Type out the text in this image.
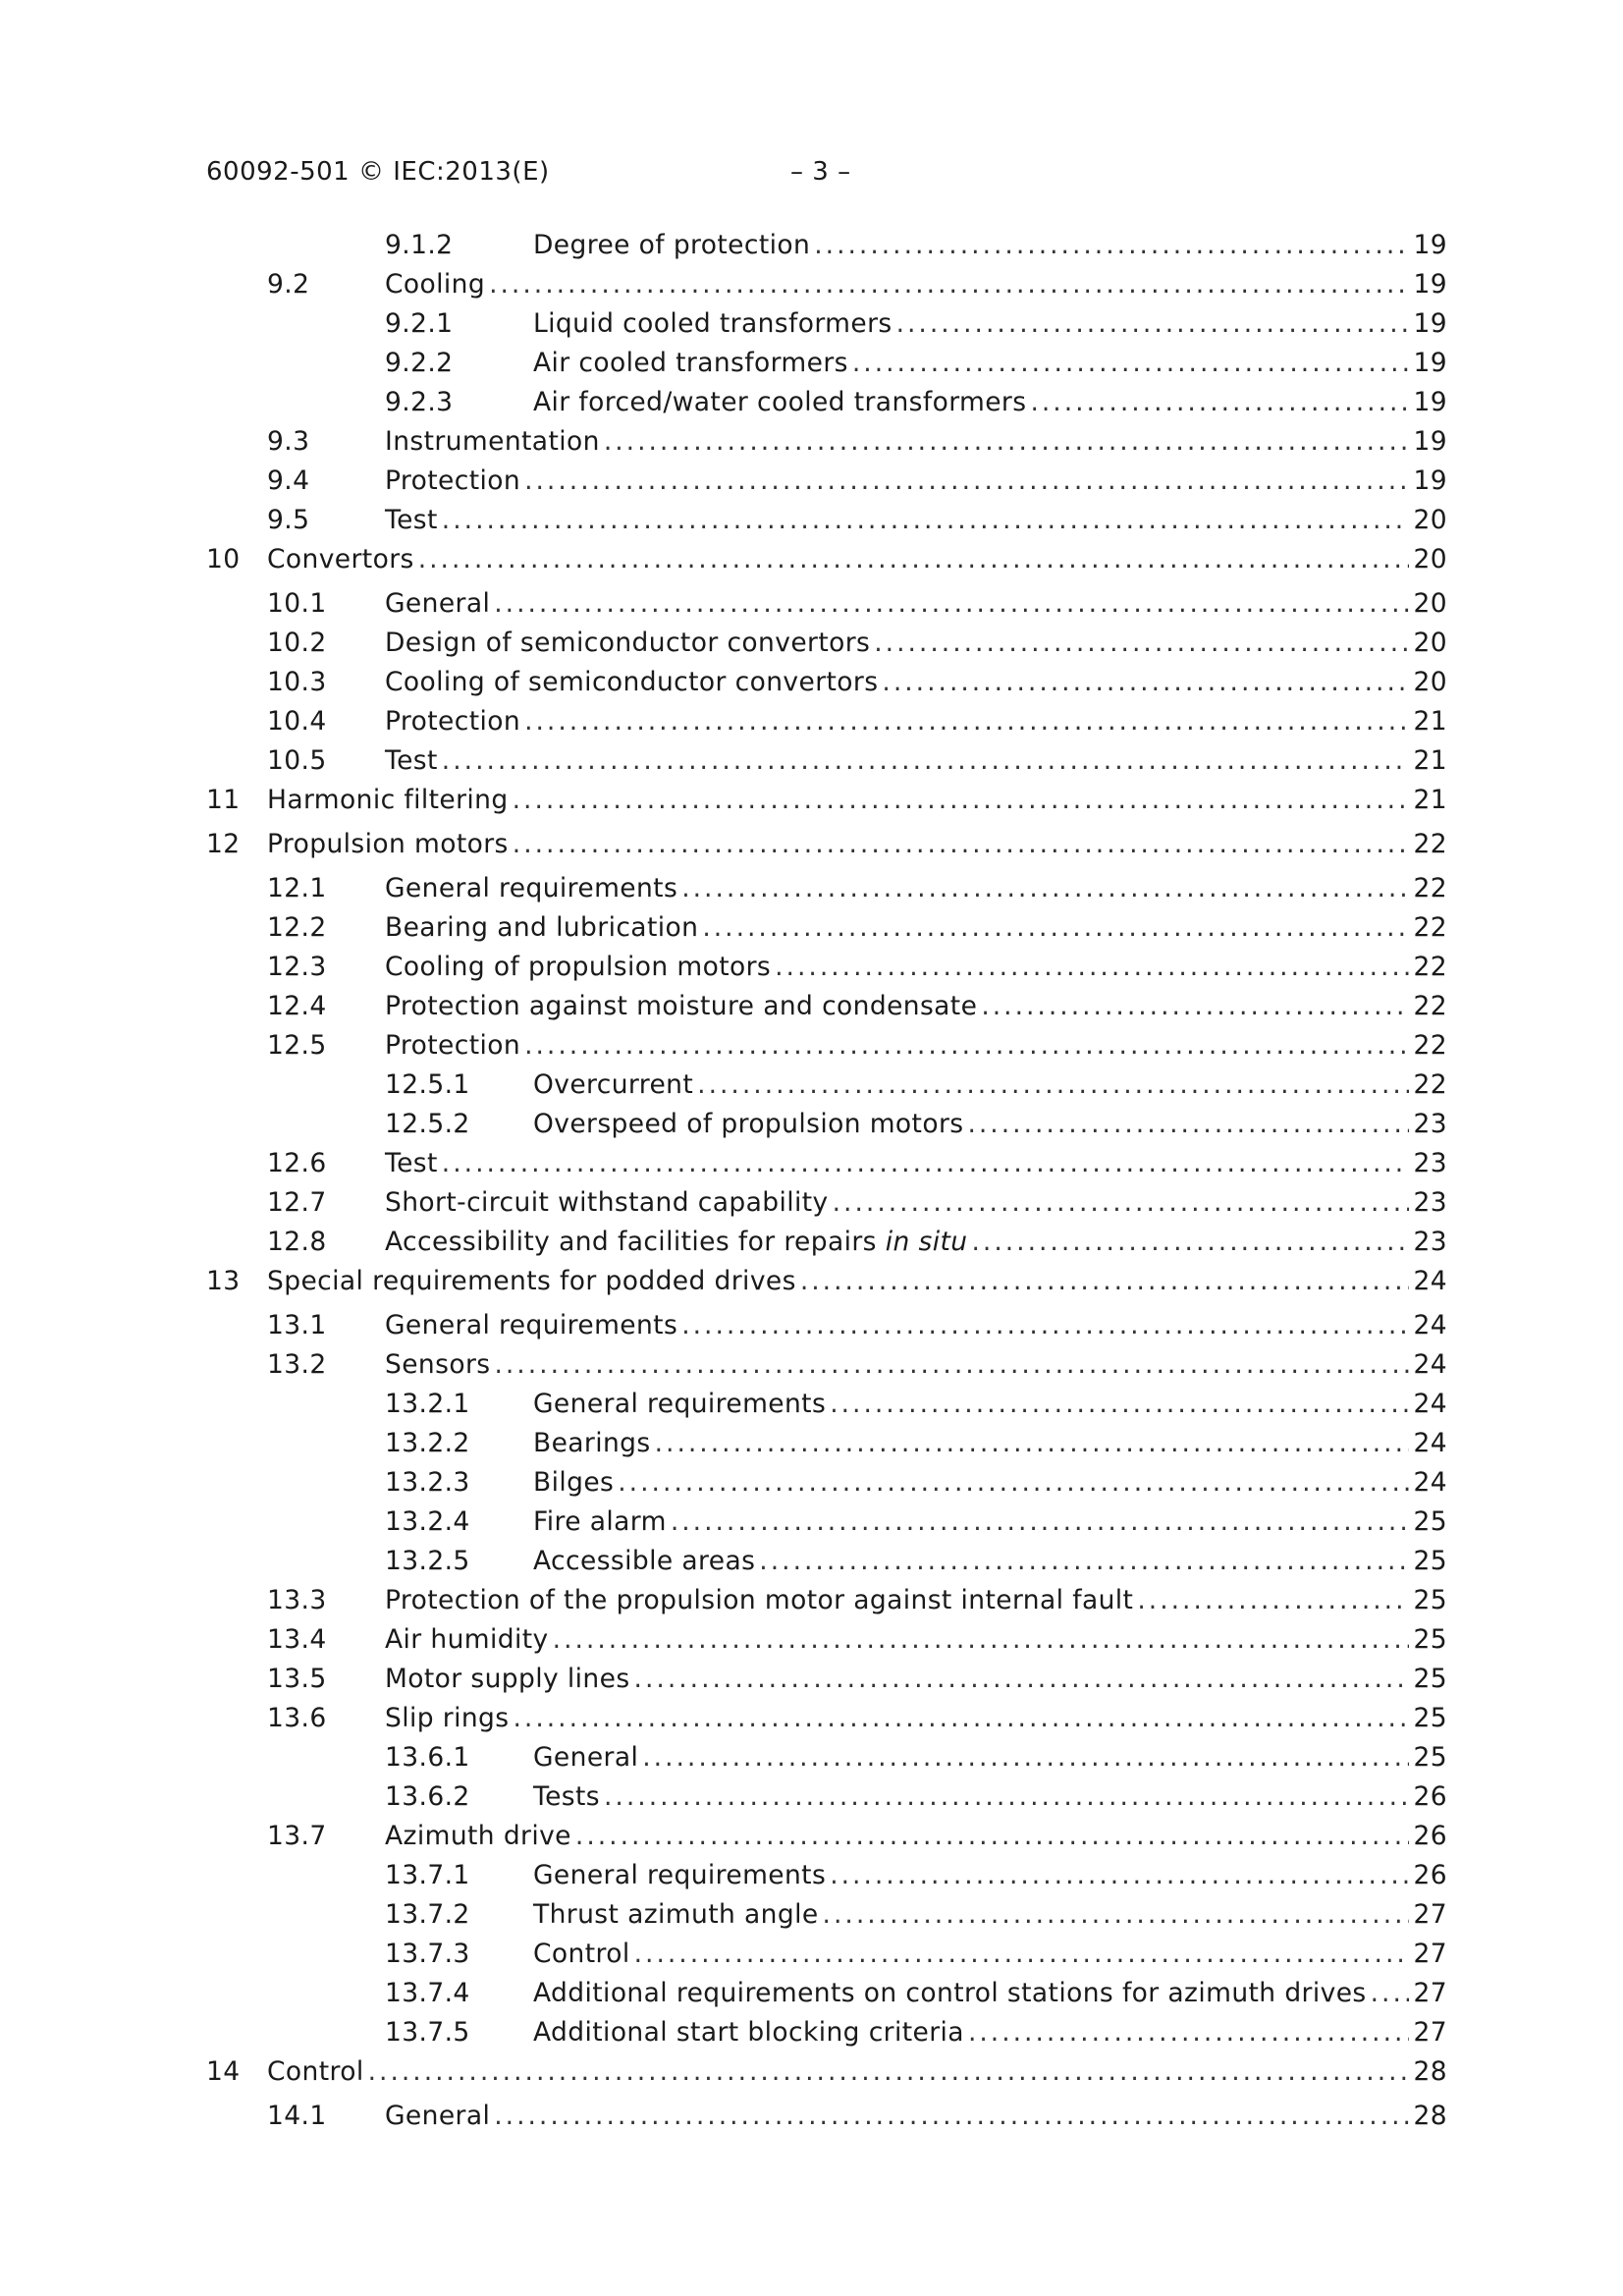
60092-501 © IEC:2013(E)	– 3 –
9.1.2	Degree of protection .....	19
9.2	Cooling .....	19
9.2.1	Liquid cooled transformers .....	19
9.2.2	Air cooled transformers .....	19
9.2.3	Air forced/water cooled transformers .....	19
9.3	Instrumentation .....	19
9.4	Protection .....	19
9.5	Test .....	20
10 Convertors .....	20
10.1 General .....	20
10.2 Design of semiconductor convertors .....	20
10.3 Cooling of semiconductor convertors .....	20
10.4 Protection .....	21
10.5 Test .....	21
11 Harmonic filtering .....	21
12 Propulsion motors .....	22
12.1 General requirements .....	22
12.2 Bearing and lubrication .....	22
12.3 Cooling of propulsion motors .....	22
12.4 Protection against moisture and condensate .....	22
12.5 Protection .....	22
12.5.1 Overcurrent .....	22
12.5.2 Overspeed of propulsion motors .....	23
12.6 Test .....	23
12.7 Short-circuit withstand capability .....	23
12.8 Accessibility and facilities for repairs in situ .....	23
13 Special requirements for podded drives .....	24
13.1 General requirements .....	24
13.2 Sensors .....	24
13.2.1 General requirements .....	24
13.2.2 Bearings .....	24
13.2.3 Bilges .....	24
13.2.4 Fire alarm .....	25
13.2.5 Accessible areas .....	25
13.3 Protection of the propulsion motor against internal fault .....	25
13.4 Air humidity .....	25
13.5 Motor supply lines .....	25
13.6 Slip rings .....	25
13.6.1 General .....	25
13.6.2 Tests .....	26
13.7 Azimuth drive .....	26
13.7.1 General requirements .....	26
13.7.2 Thrust azimuth angle .....	27
13.7.3 Control .....	27
13.7.4 Additional requirements on control stations for azimuth drives ..... 27
13.7.5 Additional start blocking criteria .....	27
14 Control .....	28
14.1 General .....	28
